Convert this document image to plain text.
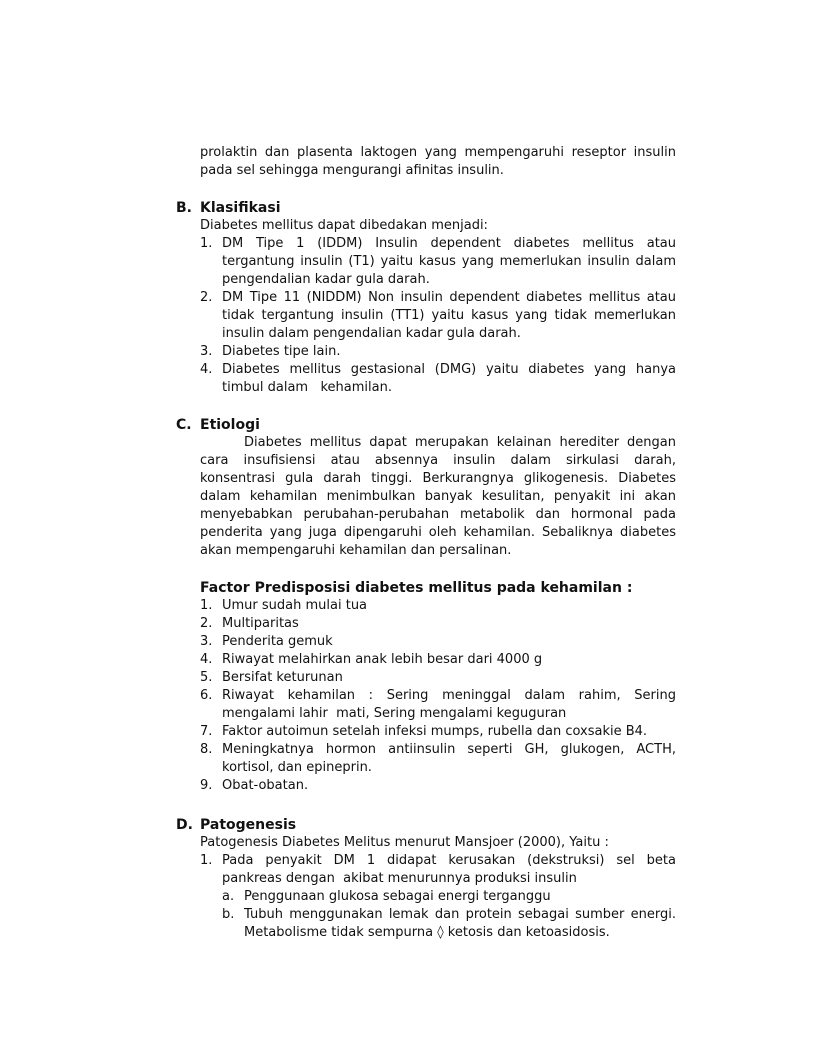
prolaktin dan plasenta laktogen yang mempengaruhi reseptor insulin
pada sel sehingga mengurangi afinitas insulin.
B. Klasifikasi
Diabetes mellitus dapat dibedakan menjadi:
1. DM Tipe 1 (IDDM) Insulin dependent diabetes mellitus atau
tergantung insulin (T1) yaitu kasus yang memerlukan insulin dalam
pengendalian kadar gula darah.
2. DM Tipe 11 (NIDDM) Non insulin dependent diabetes mellitus atau
tidak tergantung insulin (TT1) yaitu kasus yang tidak memerlukan
insulin dalam pengendalian kadar gula darah.
3. Diabetes tipe lain.
4. Diabetes mellitus gestasional (DMG) yaitu diabetes yang hanya
timbul dalam   kehamilan.
C. Etiologi
Diabetes mellitus dapat merupakan kelainan herediter dengan
cara insufisiensi atau absennya insulin dalam sirkulasi darah,
konsentrasi gula darah tinggi. Berkurangnya glikogenesis. Diabetes
dalam kehamilan menimbulkan banyak kesulitan, penyakit ini akan
menyebabkan perubahan-perubahan metabolik dan hormonal pada
penderita yang juga dipengaruhi oleh kehamilan. Sebaliknya diabetes
akan mempengaruhi kehamilan dan persalinan.
Factor Predisposisi diabetes mellitus pada kehamilan :
1. Umur sudah mulai tua
2. Multiparitas
3. Penderita gemuk
4. Riwayat melahirkan anak lebih besar dari 4000 g
5. Bersifat keturunan
6. Riwayat kehamilan : Sering meninggal dalam rahim, Sering
mengalami lahir  mati, Sering mengalami keguguran
7. Faktor autoimun setelah infeksi mumps, rubella dan coxsakie B4.
8. Meningkatnya hormon antiinsulin seperti GH, glukogen, ACTH,
kortisol, dan epineprin.
9. Obat-obatan.
D. Patogenesis
Patogenesis Diabetes Melitus menurut Mansjoer (2000), Yaitu :
1. Pada penyakit DM 1 didapat kerusakan (dekstruksi) sel beta
pankreas dengan  akibat menurunnya produksi insulin
a. Penggunaan glukosa sebagai energi terganggu
b. Tubuh menggunakan lemak dan protein sebagai sumber energi.
Metabolisme tidak sempurna ◊ ketosis dan ketoasidosis.
